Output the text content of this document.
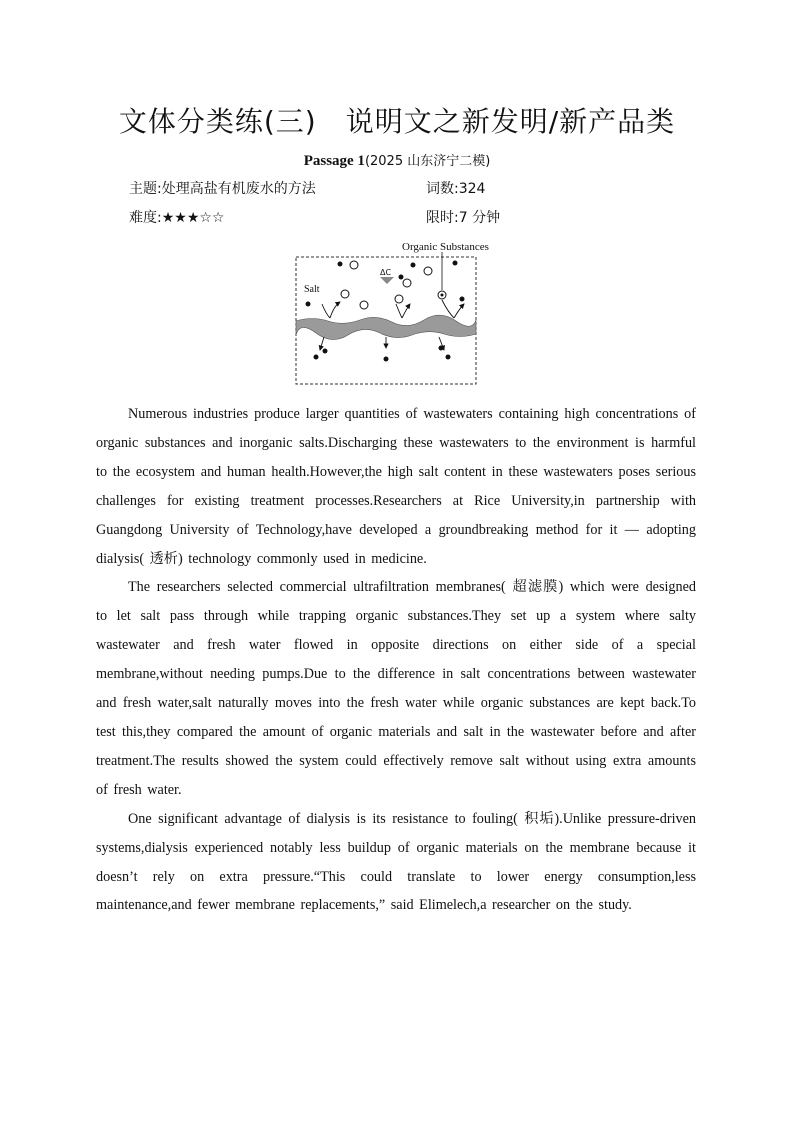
文体分类练(三)　说明文之新发明/新产品类
Passage 1(2025 山东济宁二模)
主题:处理高盐有机废水的方法	词数:324
难度:★★★☆☆	限时:7 分钟
Organic Substances
Salt
ΔC

Numerous industries produce larger quantities of wastewaters containing high concentrations of organic substances and inorganic salts.Discharging these wastewaters to the environment is harmful to the ecosystem and human health.However,the high salt content in these wastewaters poses serious challenges for existing treatment processes.Researchers at Rice University,in partnership with Guangdong University of Technology,have developed a groundbreaking method for it — adopting dialysis( 透析) technology commonly used in medicine.

The researchers selected commercial ultrafiltration membranes( 超滤膜) which were designed to let salt pass through while trapping organic substances.They set up a system where salty wastewater and fresh water flowed in opposite directions on either side of a special membrane,without needing pumps.Due to the difference in salt concentrations between wastewater and fresh water,salt naturally moves into the fresh water while organic substances are kept back.To test this,they compared the amount of organic materials and salt in the wastewater before and after treatment.The results showed the system could effectively remove salt without using extra amounts of fresh water.

One significant advantage of dialysis is its resistance to fouling( 积垢).Unlike pressure-driven systems,dialysis experienced notably less buildup of organic materials on the membrane because it doesn’t rely on extra pressure.“This could translate to lower energy consumption,less maintenance,and fewer membrane replacements,” said Elimelech,a researcher on the study.
